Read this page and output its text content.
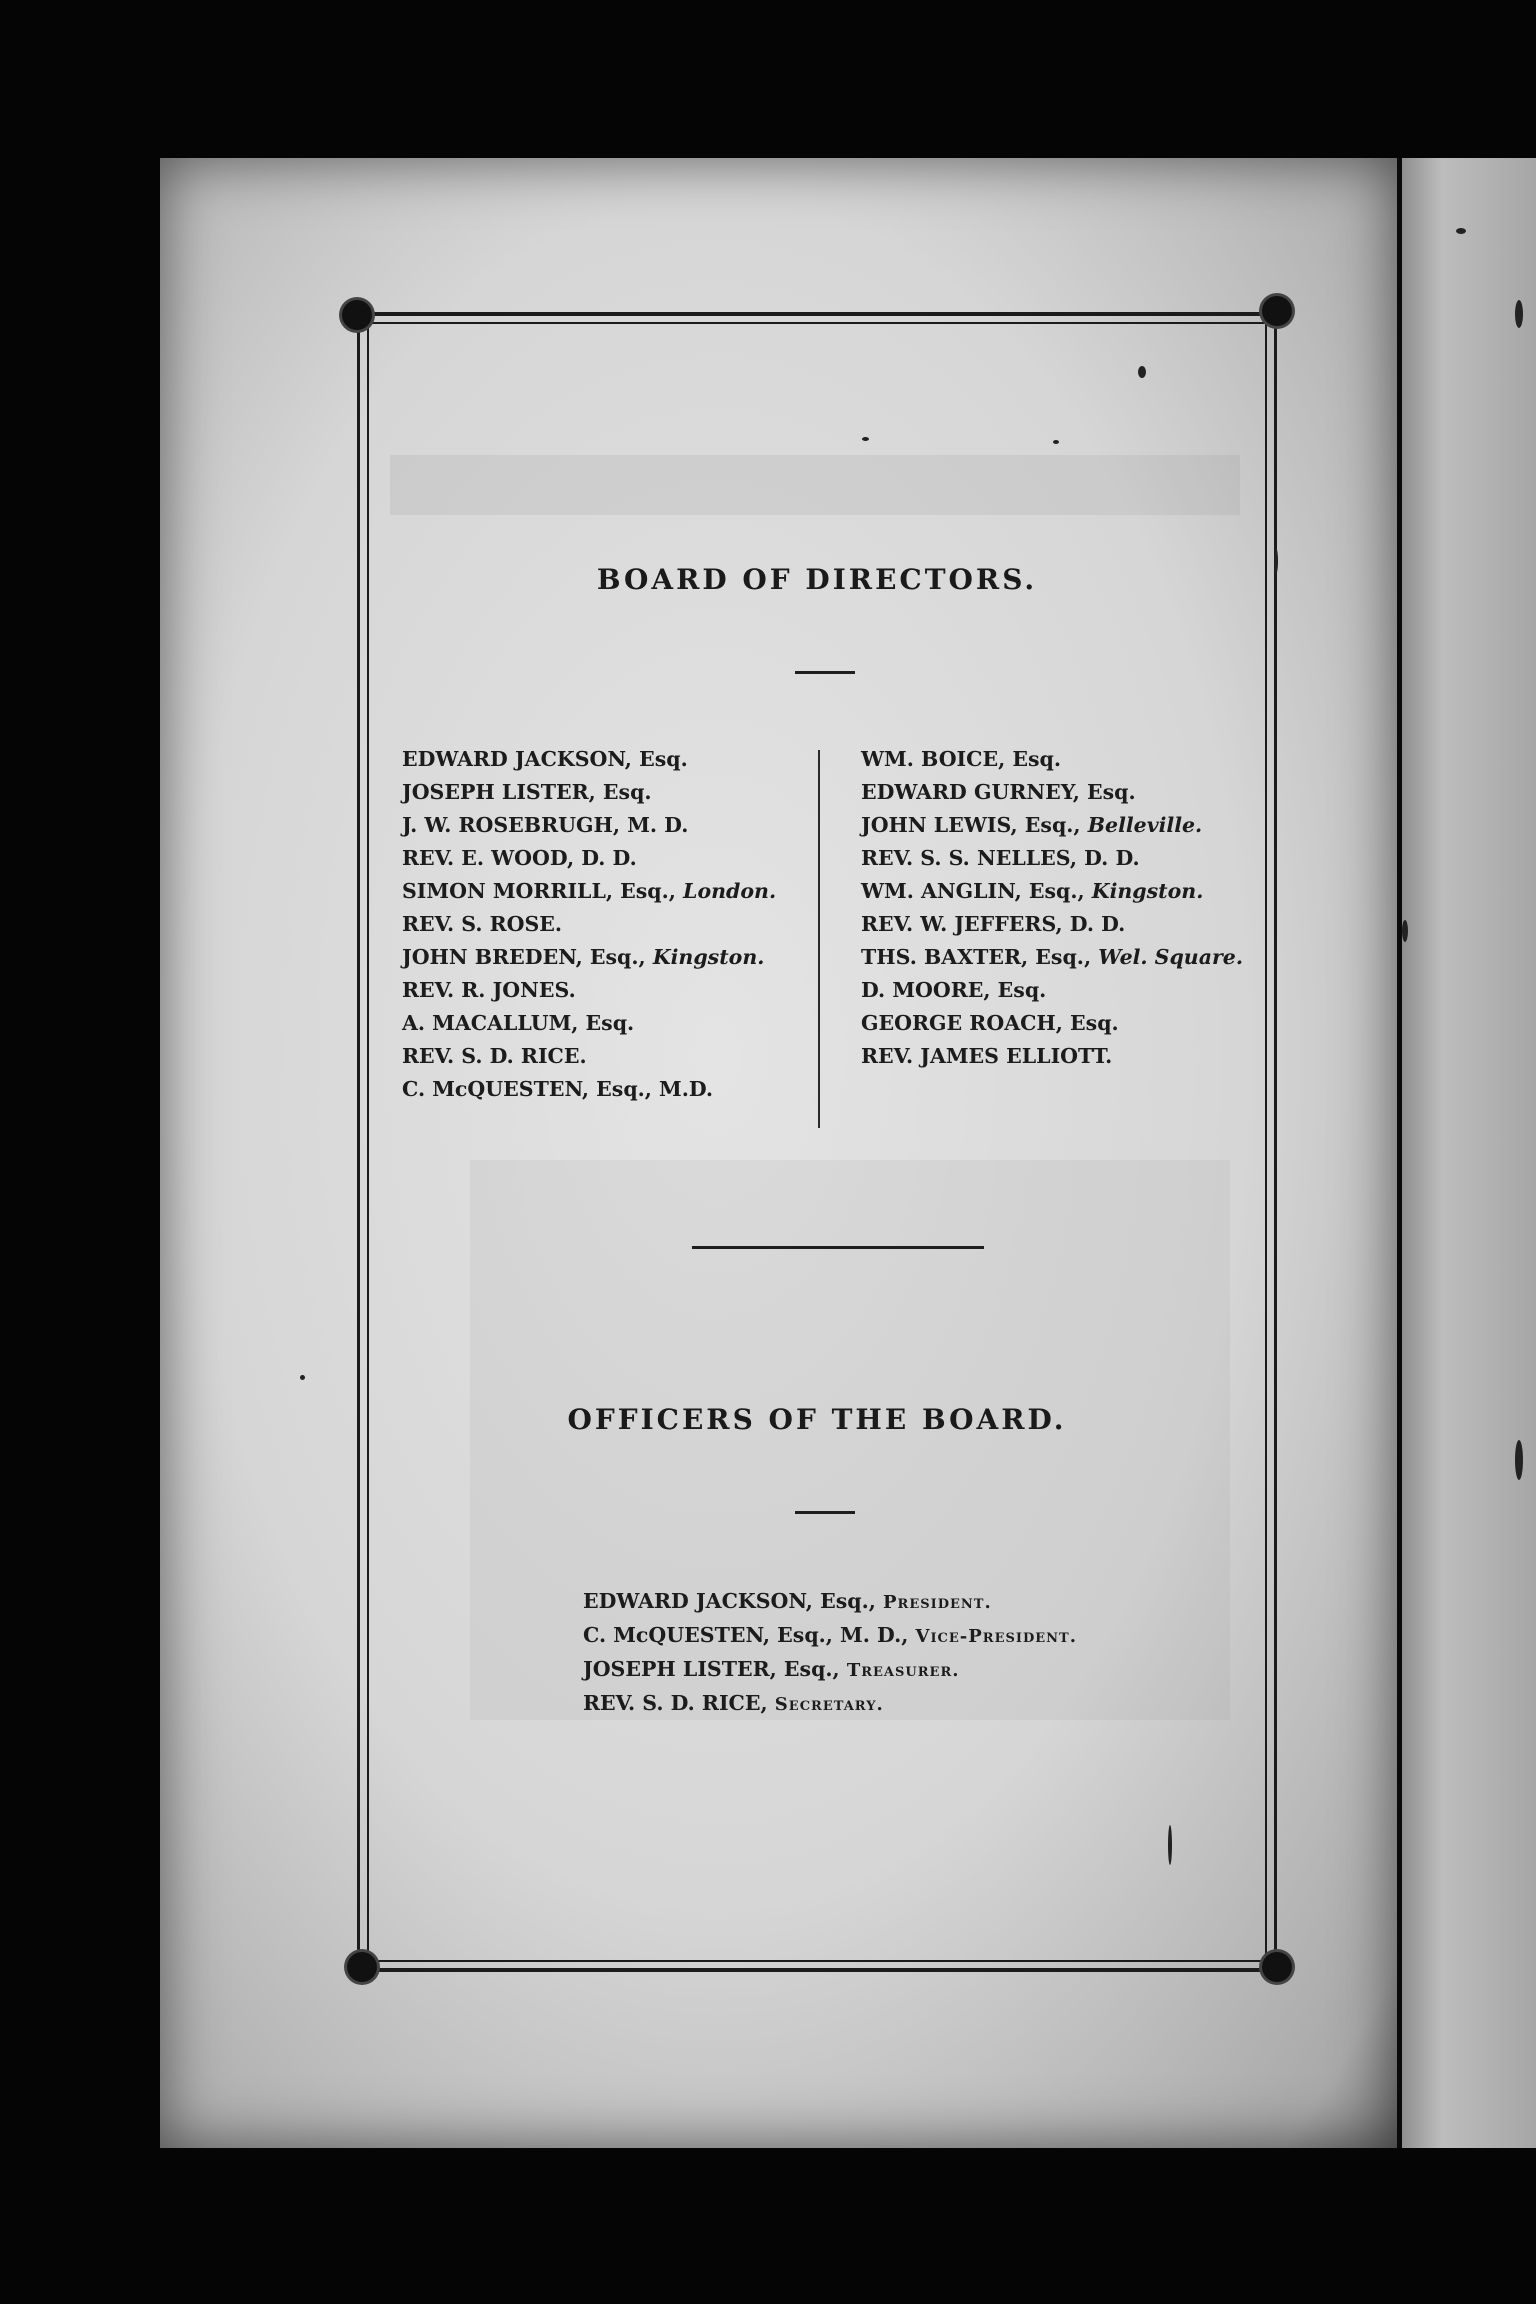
BOARD OF DIRECTORS.
EDWARD JACKSON, Esq.
JOSEPH LISTER, Esq.
J. W. ROSEBRUGH, M. D.
REV. E. WOOD, D. D.
SIMON MORRILL, Esq., London.
REV. S. ROSE.
JOHN BREDEN, Esq., Kingston.
REV. R. JONES.
A. MACALLUM, Esq.
REV. S. D. RICE.
C. McQUESTEN, Esq., M.D.
WM. BOICE, Esq.
EDWARD GURNEY, Esq.
JOHN LEWIS, Esq., Belleville.
REV. S. S. NELLES, D. D.
WM. ANGLIN, Esq., Kingston.
REV. W. JEFFERS, D. D.
THS. BAXTER, Esq., Wel. Square.
D. MOORE, Esq.
GEORGE ROACH, Esq.
REV. JAMES ELLIOTT.
OFFICERS OF THE BOARD.
EDWARD JACKSON, Esq., President.
C. McQUESTEN, Esq., M. D., Vice-President.
JOSEPH LISTER, Esq., Treasurer.
REV. S. D. RICE, Secretary.
